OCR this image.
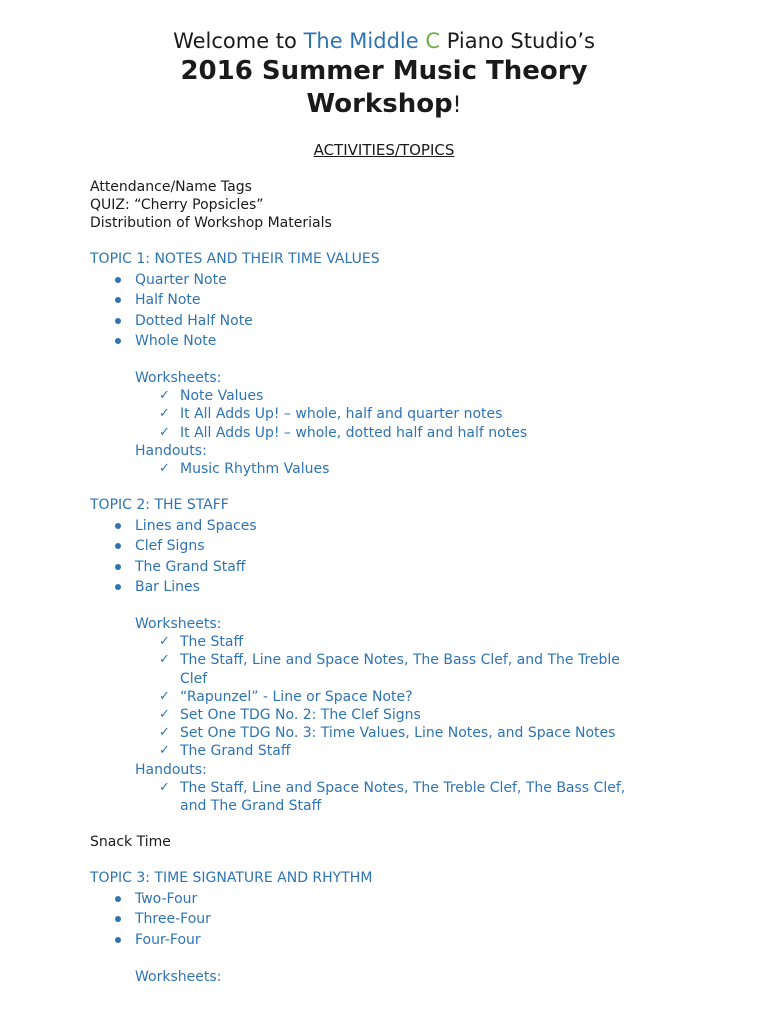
Welcome to The Middle C Piano Studio’s
2016 Summer Music Theory
Workshop!
ACTIVITIES/TOPICS

Attendance/Name Tags

QUIZ: “Cherry Popsicles”

Distribution of Workshop Materials

TOPIC 1: NOTES AND THEIR TIME VALUES
Quarter Note
Half Note
Dotted Half Note
Whole Note
Worksheets:
✓ Note Values
✓ It All Adds Up! – whole, half and quarter notes
✓ It All Adds Up! – whole, dotted half and half notes
Handouts:
✓ Music Rhythm Values
TOPIC 2: THE STAFF
Lines and Spaces
Clef Signs
The Grand Staff
Bar Lines
Worksheets:
✓ The Staff
✓ The Staff, Line and Space Notes, The Bass Clef, and The Treble
Clef
✓ “Rapunzel” - Line or Space Note?
✓ Set One TDG No. 2: The Clef Signs
✓ Set One TDG No. 3: Time Values, Line Notes, and Space Notes
✓ The Grand Staff
Handouts:
✓ The Staff, Line and Space Notes, The Treble Clef, The Bass Clef,
and The Grand Staff
Snack Time
TOPIC 3: TIME SIGNATURE AND RHYTHM
Two-Four
Three-Four
Four-Four
Worksheets:
